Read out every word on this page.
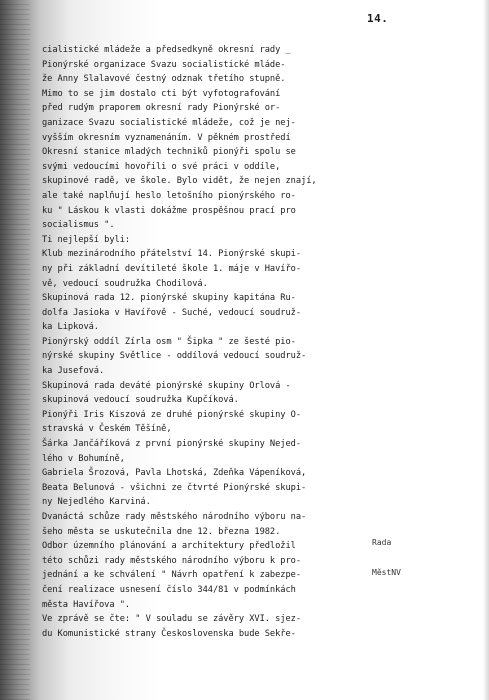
14.
cialistické mládeže a předsedkyně okresní rady _
Pionýrské organizace Svazu socialistické mláde-
že Anny Slalavové čestný odznak třetího stupně.
Mimo to se jim dostalo cti být vyfotografování
před rudým praporem okresní rady Pionýrské or-
ganizace Svazu socialistické mládeže, což je nej-
vyšším okresním vyznamenáním. V pěkném prostředí
Okresní stanice mladých techniků pionýři spolu se
svými vedoucími hovořili o své práci v oddíle,
skupinové radě, ve škole. Bylo vidět, že nejen znají,
ale také naplňují heslo letošního pionýrského ro-
ku " Láskou k vlasti dokážme prospěšnou prací pro
socialismus ".
Ti nejlepší byli:
Klub mezinárodního přátelství 14. Pionýrské skupi-
ny při základní devítileté škole 1. máje v Havířo-
vě, vedoucí soudružka Chodilová.
Skupinová rada 12. pionýrské skupiny kapitána Ru-
dolfa Jasioka v Havířově - Suché, vedoucí soudruž-
ka Lipková.
Pionýrský oddíl Zírla osm " Šipka " ze šesté pio-
nýrské skupiny Světlice - oddílová vedoucí soudruž-
ka Jusefová.
Skupinová rada deváté pionýrské skupiny Orlová -
skupinová vedoucí soudružka Kupčíková.
Pionýři Iris Kiszová ze druhé pionýrské skupiny O-
stravská v Českém Těšíně,
Šárka Jančáříková z první pionýrské skupiny Nejed-
lého v Bohumíně,
Gabriela Šrozová, Pavla Lhotská, Zdeňka Vápeníková,
Beata Belunová - všichni ze čtvrté Pionýrské skupi-
ny Nejedlého Karviná.
Dvanáctá schůze rady městského národního výboru na-
šeho města se uskutečnila dne 12. března 1982.
Odbor územního plánování a architektury předložil
této schůzi rady městského národního výboru k pro-
jednání a ke schválení " Návrh opatření k zabezpe-
čení realizace usnesení číslo 344/81 v podmínkách
města Havířova ".
Ve zprávě se čte: " V souladu se závěry XVI. sjez-
du Komunistické strany Československa bude Sekře-

Rada

MěstNV
